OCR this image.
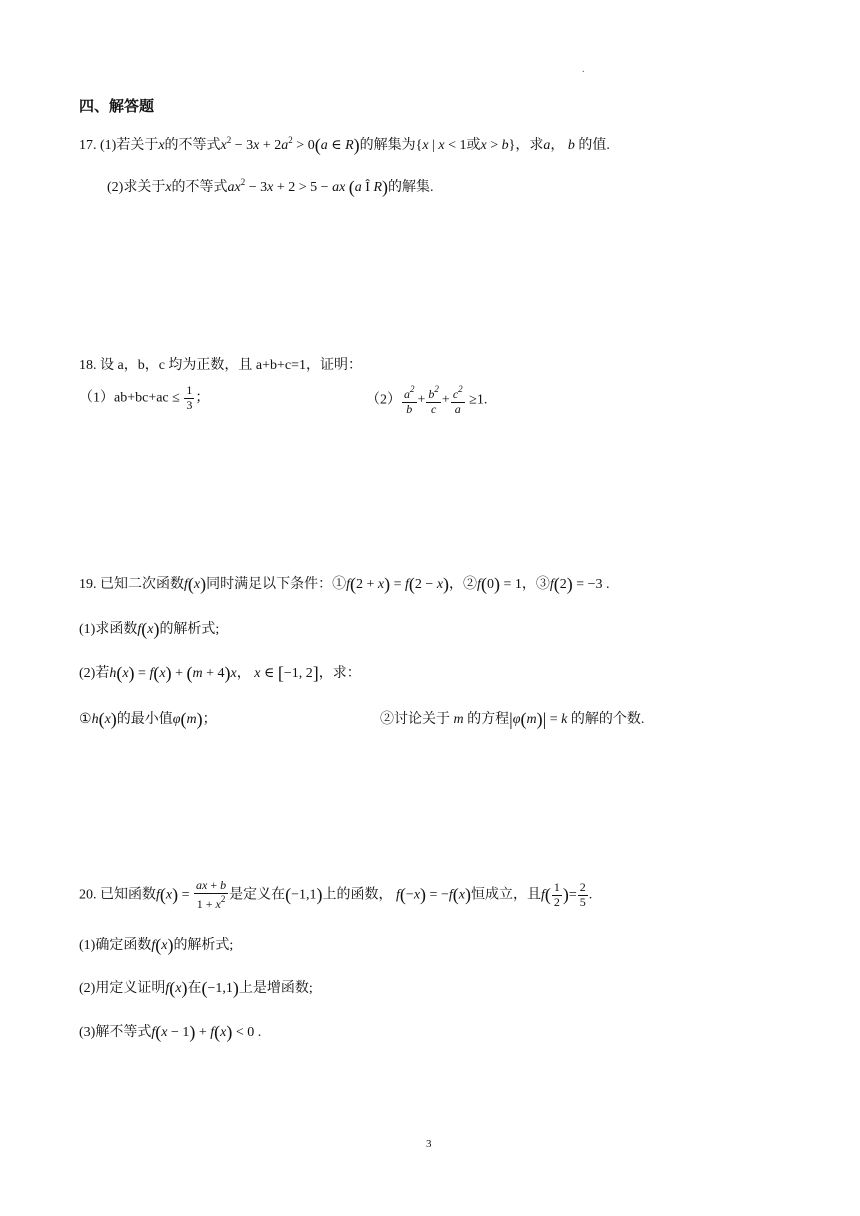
.
四、解答题
17. (1)若关于x的不等式$x^2 - 3x + 2a^2 > 0(a$ ∈ R)的解集为{x | x < 1或x > b}，求a， b 的值.
(2)求关于x的不等式$ax^2 - 3x + 2 > 5$ − ax (a Î R)的解集.
18. 设 a，b，c 均为正数，且 a+b+c=1，证明：
$(1)ab+bc+ac \le \frac{1}{3}$ ；	$(2) \frac{a^2}{b} + \frac{b^2}{c} + \frac{c^2}{a} \ge 1$.
19. 已知二次函数f(x)同时满足以下条件：①f(2 + x) = f(2 − x)，②f(0) = 1，③f(2) = −3 .
(1)求函数f(x)的解析式;
(2)若h(x) = f(x) + (m + 4)x， x ∈ [−1, 2]，求：
①h(x)的最小值φ(m)；	②讨论关于 m 的方程|φ(m)| = k 的解的个数.
20. 已知函数$f(x) = \frac{ax + b}{1 + x^2}$ 是定义在(−1,1)上的函数， f(−x) = −f(x)恒成立，且$f( \frac{1}{2}$ )= $\frac{2}{5}$ .
(1)确定函数f(x)的解析式;
(2)用定义证明f(x)在(−1,1)上是增函数;
(3)解不等式f(x − 1) + f(x) < 0 .
3
